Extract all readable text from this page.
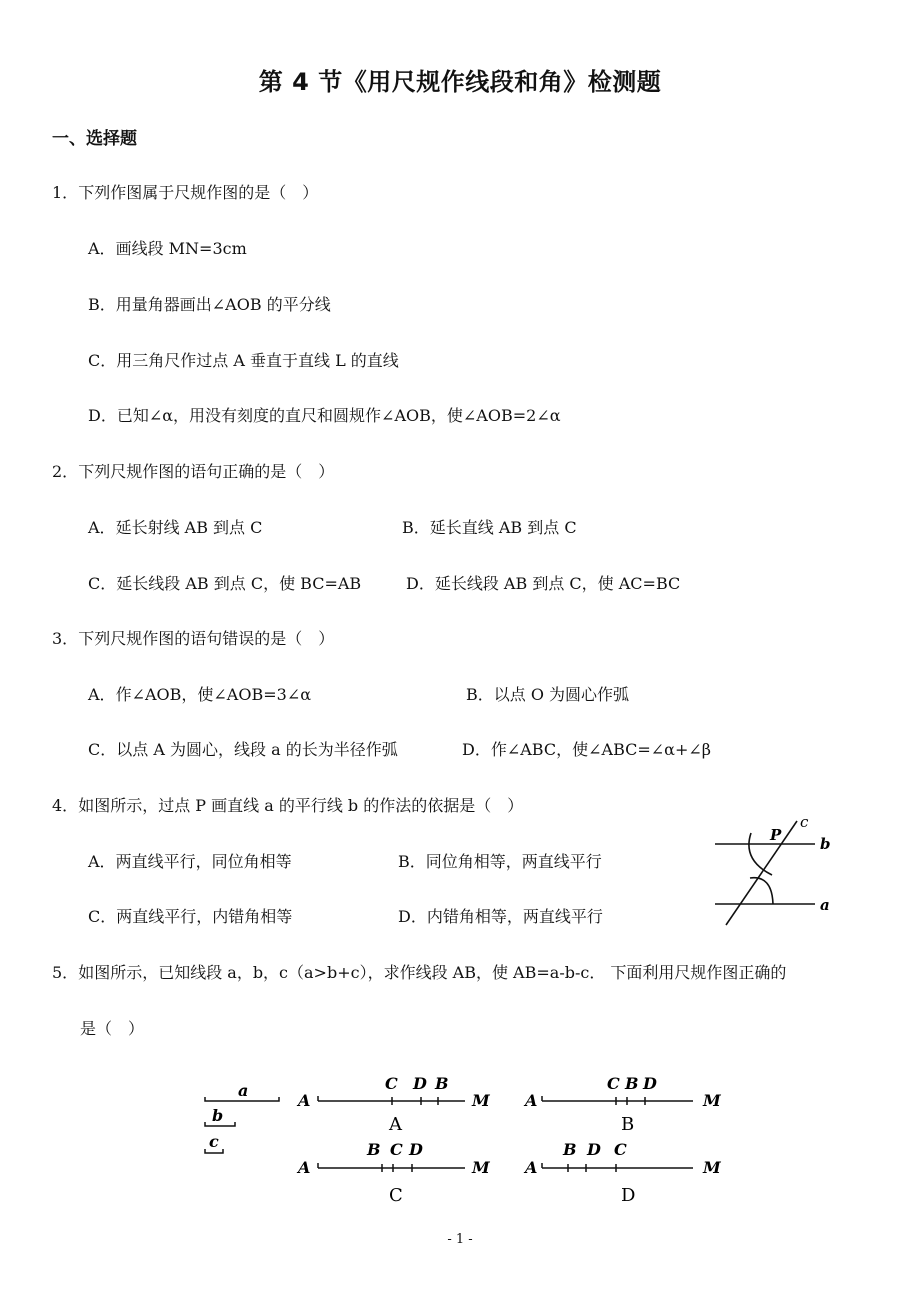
第 4 节《用尺规作线段和角》检测题
一、选择题
1．下列作图属于尺规作图的是（　）
A．画线段 MN=3cm
B．用量角器画出∠AOB 的平分线
C．用三角尺作过点 A 垂直于直线 L 的直线
D．已知∠α，用没有刻度的直尺和圆规作∠AOB，使∠AOB=2∠α
2．下列尺规作图的语句正确的是（　）
A．延长射线 AB 到点 C	B．延长直线 AB 到点 C
C．延长线段 AB 到点 C，使 BC=AB	D．延长线段 AB 到点 C，使 AC=BC
3．下列尺规作图的语句错误的是（　）
A．作∠AOB，使∠AOB=3∠α	B．以点 O 为圆心作弧
C．以点 A 为圆心，线段 a 的长为半径作弧	D．作∠ABC，使∠ABC=∠α+∠β
4．如图所示，过点 P 画直线 a 的平行线 b 的作法的依据是（　）
A．两直线平行，同位角相等	B．同位角相等，两直线平行
C．两直线平行，内错角相等	D．内错角相等，两直线平行
P
c
b
a
5．如图所示，已知线段 a，b，c（a>b+c），求作线段 AB，使 AB=a-b-c． 下面利用尺规作图正确的
是（　）
a
b
c
A	M
C D B
A	M
B C D
A	M
C B D
A	M
B D C
A	B
C	D
- 1 -
